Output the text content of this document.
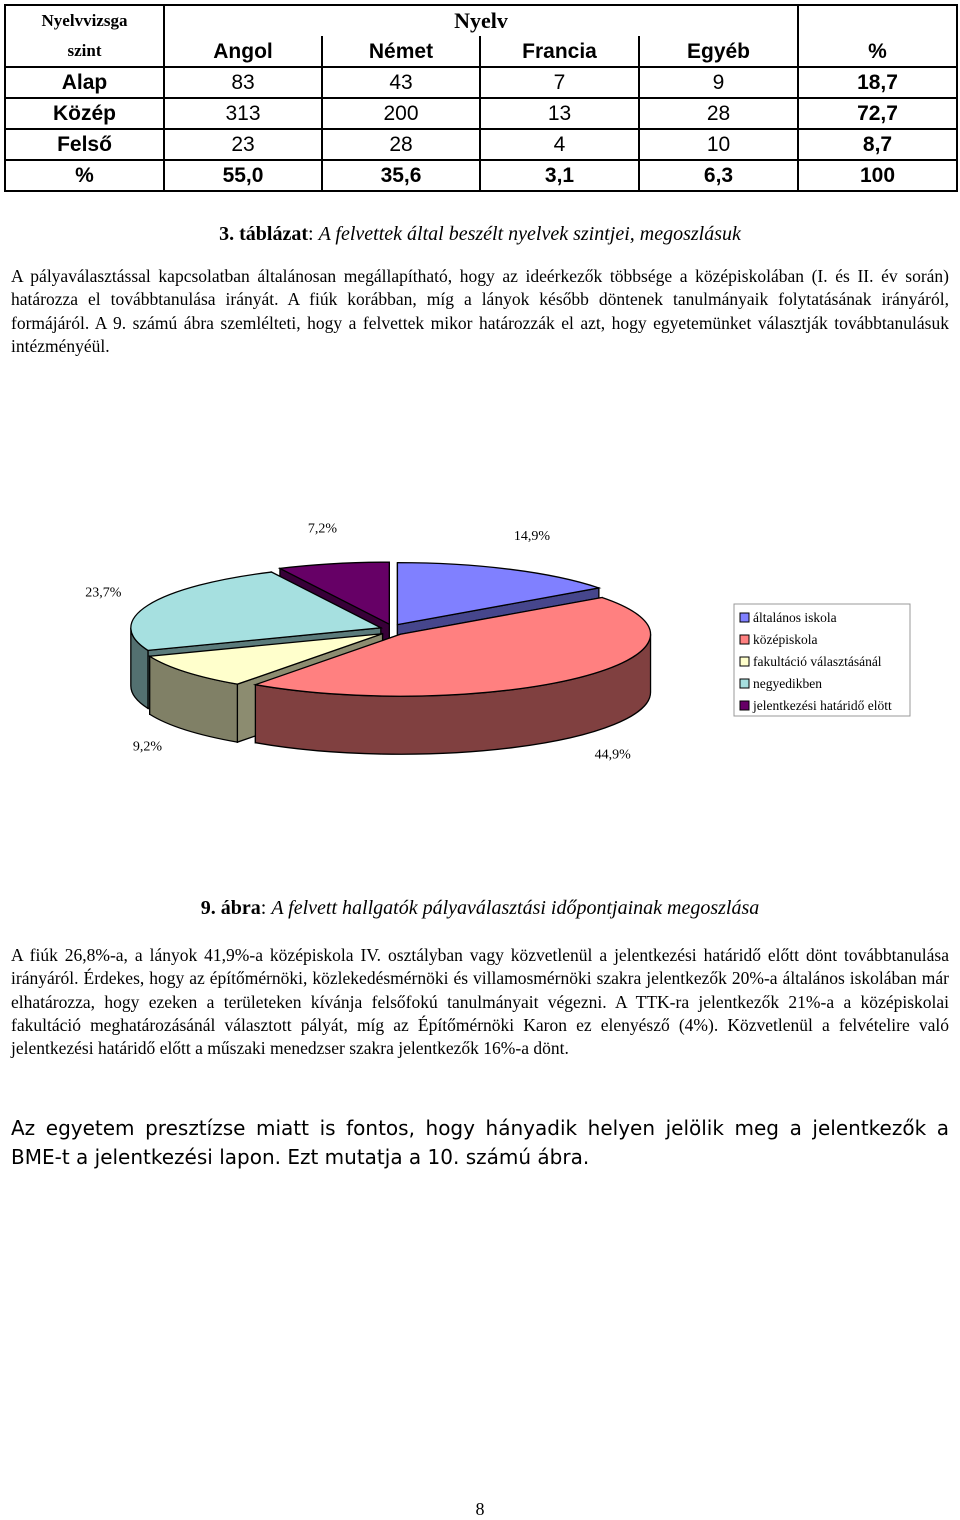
Nyelvvizsga
szint	Nyelv				
	Angol	Német	Francia	Egyéb	%
Alap	83	43	7	9	18,7
Közép	313	200	13	28	72,7
Felső	23	28	4	10	8,7
%	55,0	35,6	3,1	6,3	100
3. táblázat: A felvettek által beszélt nyelvek szintjei, megoszlásuk

A pályaválasztással kapcsolatban általánosan megállapítható, hogy az ideérkezők többsége a középiskolában (I. és II. év során) határozza el továbbtanulása irányát. A fiúk korábban, míg a lányok később döntenek tanulmányaik folytatásának irányáról, formájáról. A 9. számú ábra szemlélteti, hogy a felvettek mikor határozzák el azt, hogy egyetemünket választják továbbtanulásuk intézményéül.

14,9%
44,9%
9,2%
23,7%
7,2%
általános iskola
középiskola
fakultáció választásánál
negyedikben
jelentkezési határidő elött
9. ábra: A felvett hallgatók pályaválasztási időpontjainak megoszlása

A fiúk 26,8%-a, a lányok 41,9%-a középiskola IV. osztályban vagy közvetlenül a jelentkezési határidő előtt dönt továbbtanulása irányáról. Érdekes, hogy az építőmérnöki, közlekedésmérnöki és villamosmérnöki szakra jelentkezők 20%-a általános iskolában már elhatározza, hogy ezeken a területeken kívánja felsőfokú tanulmányait végezni. A TTK-ra jelentkezők 21%-a a középiskolai fakultáció meghatározásánál választott pályát, míg az Építőmérnöki Karon ez elenyésző (4%). Közvetlenül a felvételire való jelentkezési határidő előtt a műszaki menedzser szakra jelentkezők 16%-a dönt.

Az egyetem presztízse miatt is fontos, hogy hányadik helyen jelölik meg a jelentkezők a BME-t a jelentkezési lapon. Ezt mutatja a 10. számú ábra.

8
